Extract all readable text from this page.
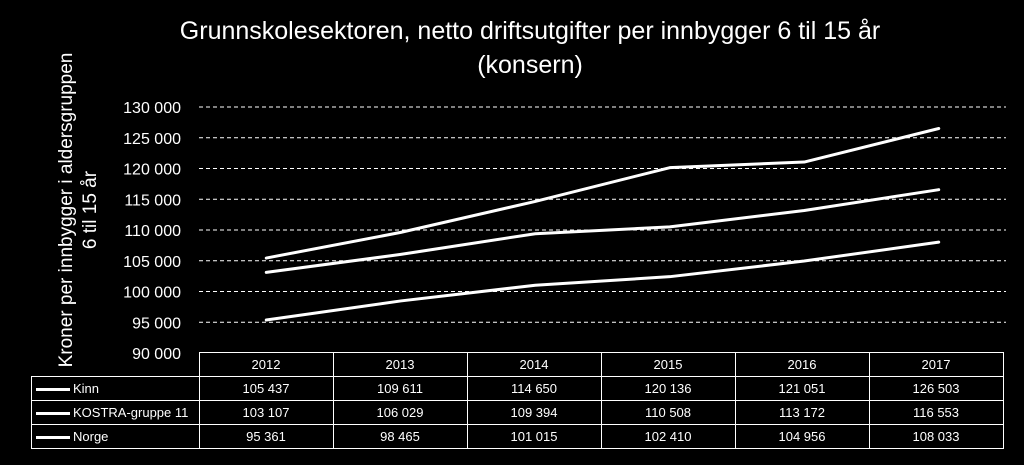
Grunnskolesektoren, netto driftsutgifter per innbygger 6 til 15 år
(konsern)
Kroner per innbygger i aldersgruppen 6 til 15 år
90 000
95 000
100 000
105 000
110 000
115 000
120 000
125 000
130 000
	2012	2013	2014	2015	2016	2017
Kinn	105 437	109 611	114 650	120 136	121 051	126 503
KOSTRA-gruppe 11	103 107	106 029	109 394	110 508	113 172	116 553
Norge	95 361	98 465	101 015	102 410	104 956	108 033
